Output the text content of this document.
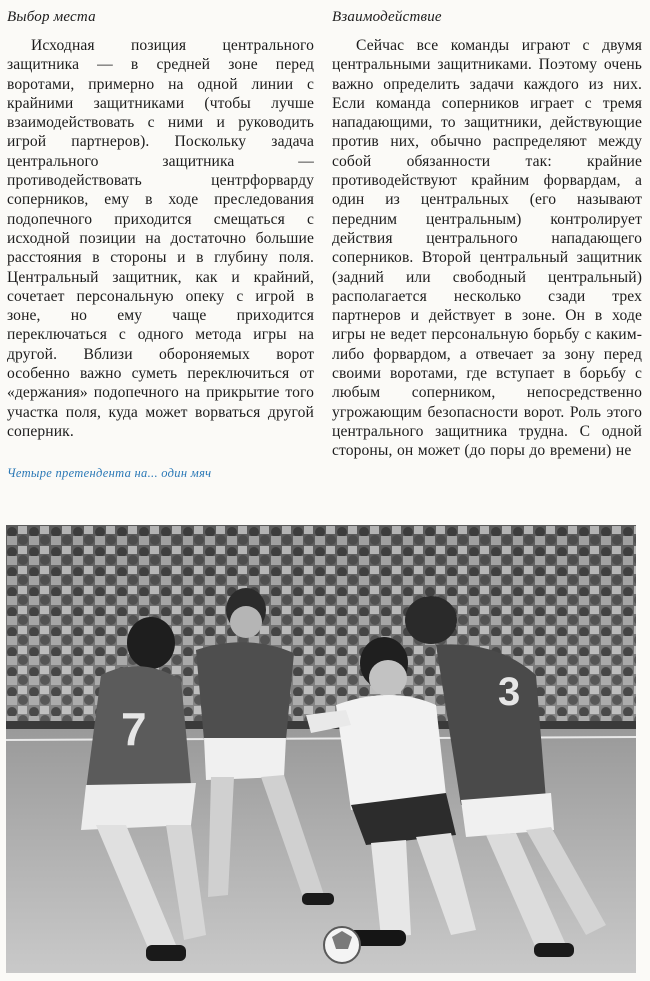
Выбор места

Исходная позиция центрального защитника — в средней зоне перед воротами, примерно на одной линии с крайними защитниками (чтобы лучше взаимодействовать с ними и руководить игрой партнеров). Поскольку задача центрального защитника — противодействовать центрфорварду соперников, ему в ходе преследования подопечного приходится смещаться с исходной позиции на достаточно большие расстояния в стороны и в глубину поля. Центральный защитник, как и крайний, сочетает персональную опеку с игрой в зоне, но ему чаще приходится переключаться с одного метода игры на другой. Вблизи обороняемых ворот особенно важно суметь переключиться от «держания» подопечного на прикрытие того участка поля, куда может ворваться другой соперник.

Взаимодействие

Сейчас все команды играют с двумя центральными защитниками. Поэтому очень важно определить задачи каждого из них. Если команда соперников играет с тремя нападающими, то защитники, действующие против них, обычно распределяют между собой обязанности так: крайние противодействуют крайним форвардам, а один из центральных (его называют передним центральным) контролирует действия центрального нападающего соперников. Второй центральный защитник (задний или свободный центральный) располагается несколько сзади трех партнеров и действует в зоне. Он в ходе игры не ведет персональную борьбу с каким-либо форвардом, а отвечает за зону перед своими воротами, где вступает в борьбу с любым соперником, непосредственно угрожающим безопасности ворот. Роль этого центрального защитника трудна. С одной стороны, он может (до поры до времени) не

Четыре претендента на... один мяч
7
3
